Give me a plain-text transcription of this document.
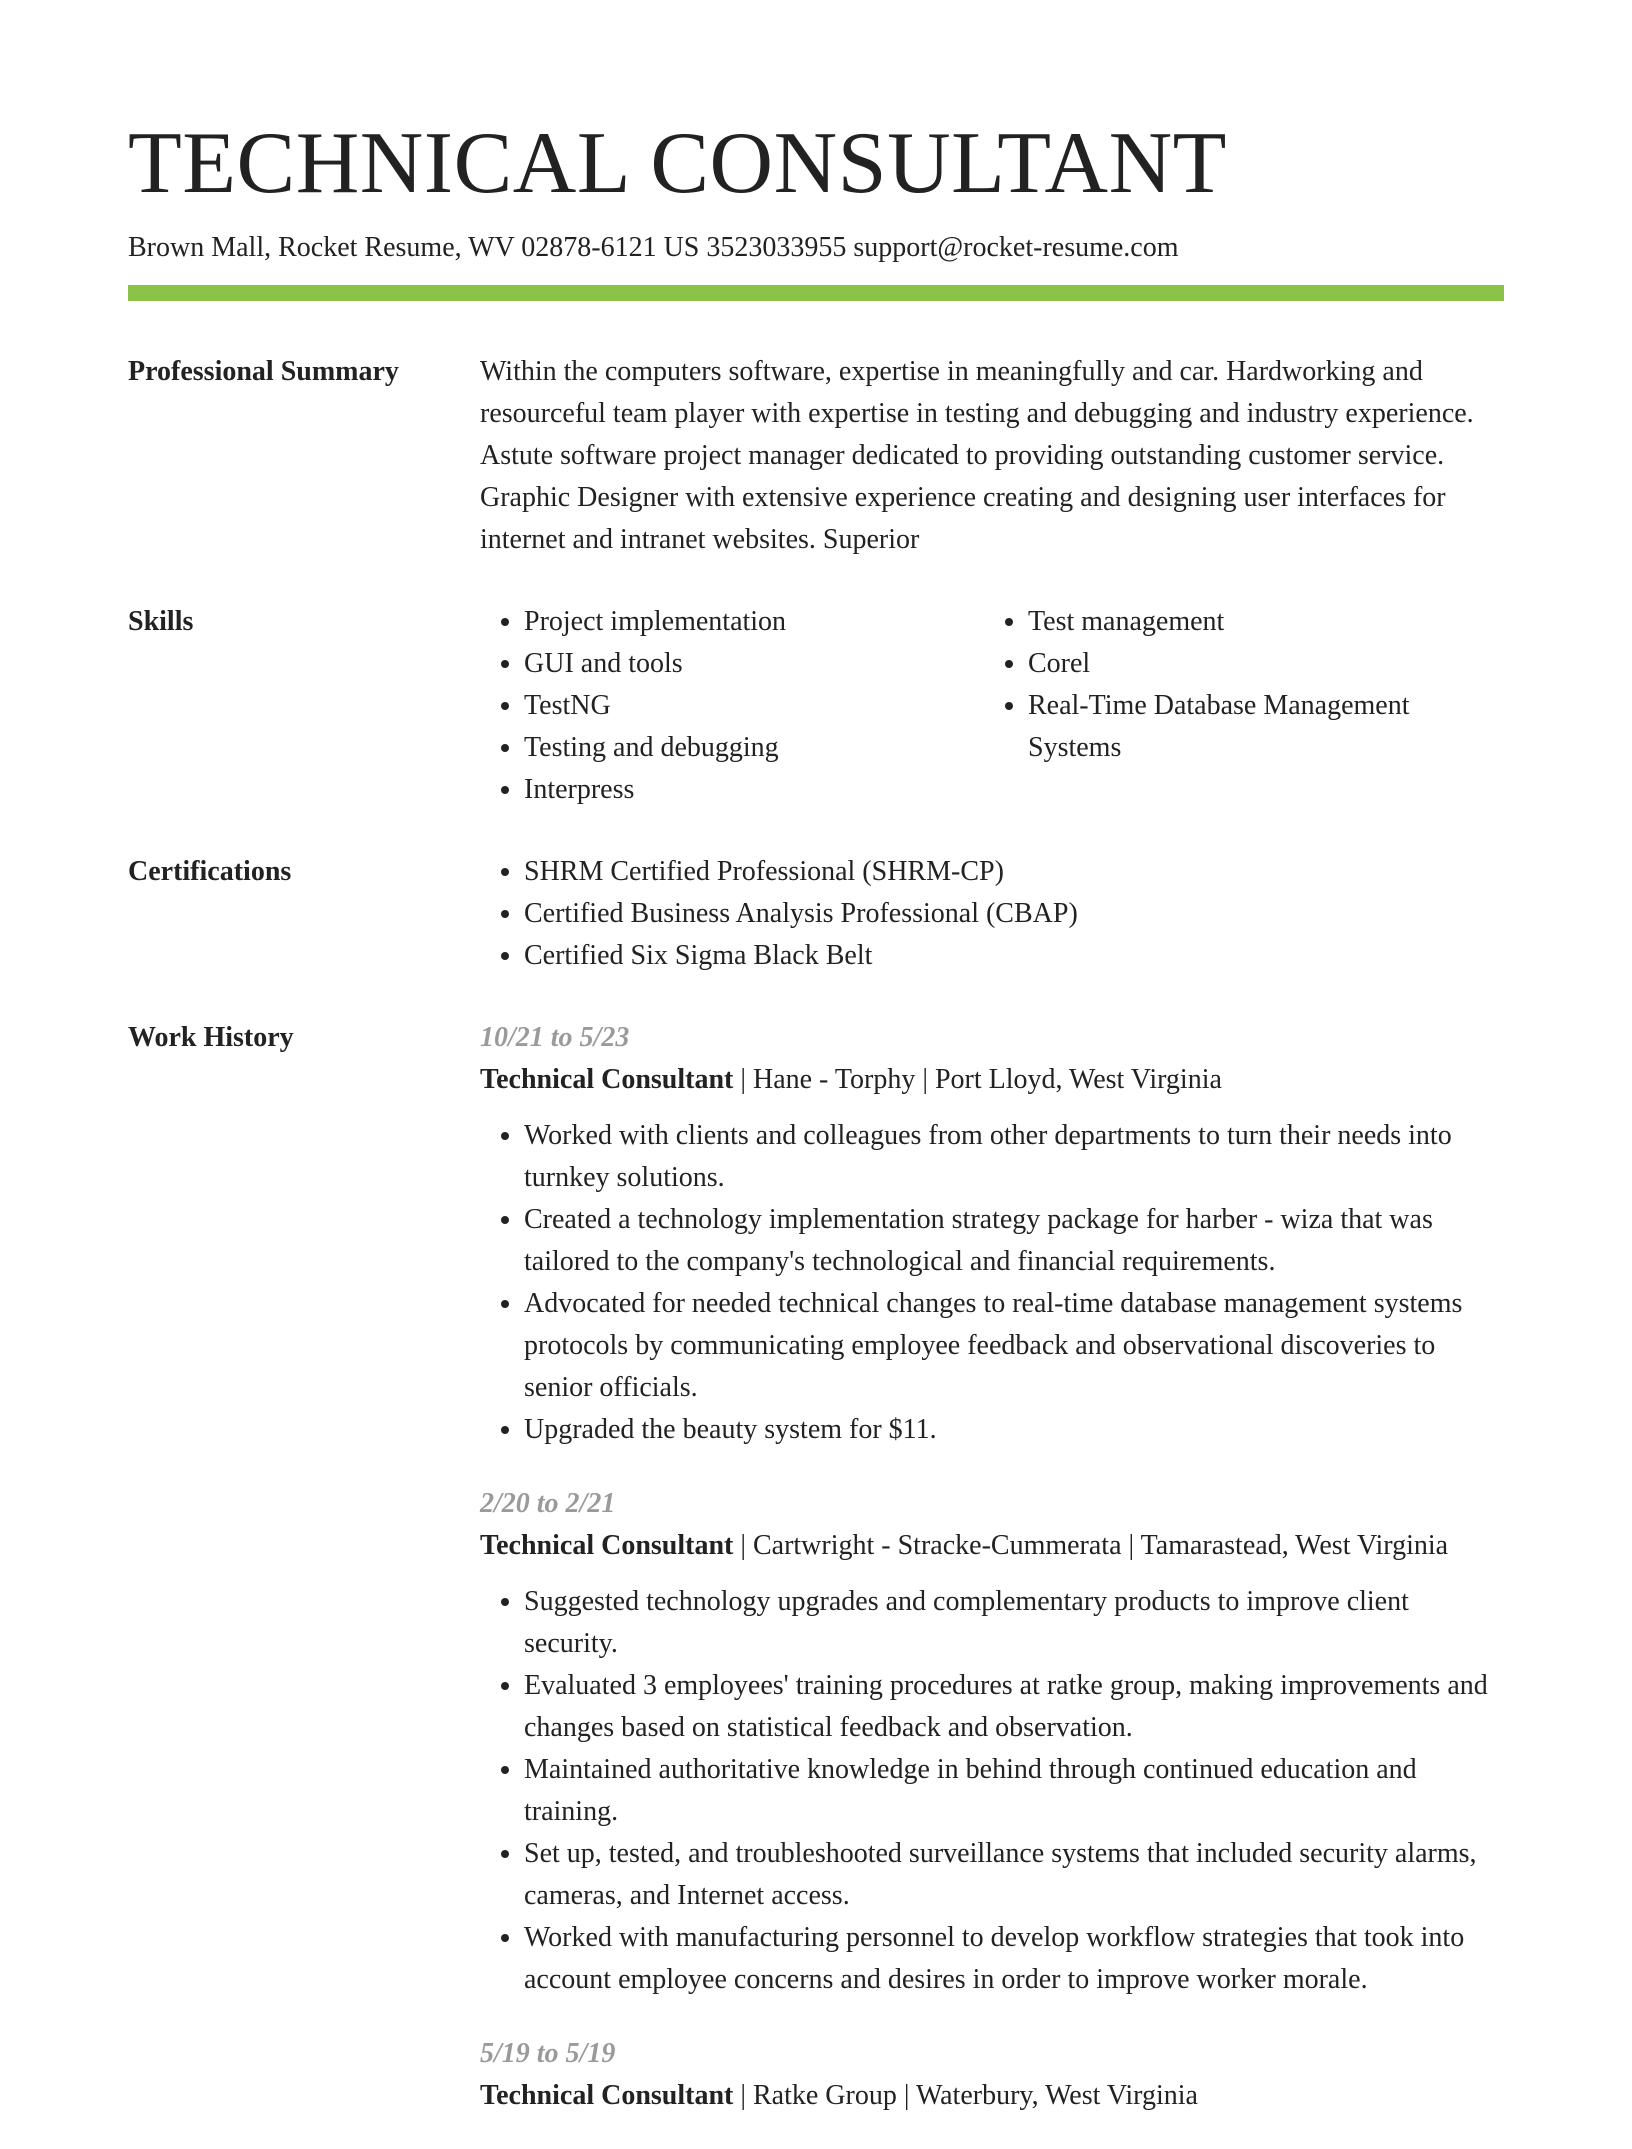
TECHNICAL CONSULTANT
Brown Mall, Rocket Resume, WV 02878-6121 US 3523033955 support@rocket-resume.com
Professional Summary	Within the computers software, expertise in meaningfully and car. Hardworking and resourceful team player with expertise in testing and debugging and industry experience. Astute software project manager dedicated to providing outstanding customer service. Graphic Designer with extensive experience creating and designing user interfaces for internet and intranet websites. Superior
Skills	• Project implementation
• GUI and tools
• TestNG
• Testing and debugging
• Interpress
• Test management
• Corel
• Real-Time Database Management Systems
Certifications	• SHRM Certified Professional (SHRM-CP)
• Certified Business Analysis Professional (CBAP)
• Certified Six Sigma Black Belt
Work History	10/21 to 5/23
Technical Consultant | Hane - Torphy | Port Lloyd, West Virginia
• Worked with clients and colleagues from other departments to turn their needs into turnkey solutions.
• Created a technology implementation strategy package for harber - wiza that was tailored to the company's technological and financial requirements.
• Advocated for needed technical changes to real-time database management systems protocols by communicating employee feedback and observational discoveries to senior officials.
• Upgraded the beauty system for $11.
2/20 to 2/21
Technical Consultant | Cartwright - Stracke-Cummerata | Tamarastead, West Virginia
• Suggested technology upgrades and complementary products to improve client security.
• Evaluated 3 employees' training procedures at ratke group, making improvements and changes based on statistical feedback and observation.
• Maintained authoritative knowledge in behind through continued education and training.
• Set up, tested, and troubleshooted surveillance systems that included security alarms, cameras, and Internet access.
• Worked with manufacturing personnel to develop workflow strategies that took into account employee concerns and desires in order to improve worker morale.
5/19 to 5/19
Technical Consultant | Ratke Group | Waterbury, West Virginia
